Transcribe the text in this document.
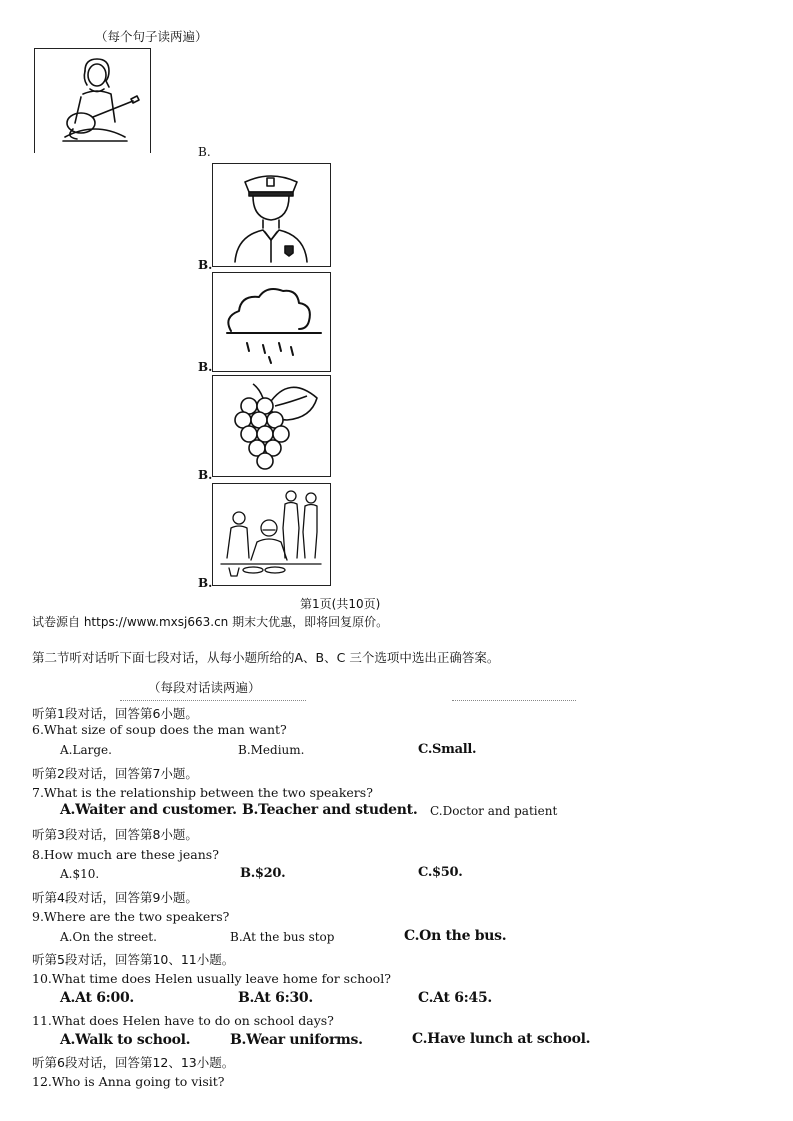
（每个句子读两遍）
B.
B.
B.
B.
B.
第1页(共10页)
试卷源自 https://www.mxsj663.cn 期末大优惠，即将回复原价。
第二节听对话听下面七段对话，从每小题所给的A、B、C 三个选项中选出正确答案。
（每段对话读两遍）
听第1段对话，回答第6小题。
6.What size of soup does the man want?
A.Large.	B.Medium.	C.Small.
听第2段对话，回答第7小题。
7.What is the relationship between the two speakers?
A.Waiter and customer. B.Teacher and student. C.Doctor and patient
听第3段对话，回答第8小题。
8.How much are these jeans?
A.$10.	B.$20.	C.$50.
听第4段对话，回答第9小题。
9.Where are the two speakers?
A.On the street.	B.At the bus stop	C.On the bus.
听第5段对话，回答第10、11小题。
10.What time does Helen usually leave home for school?
A.At 6:00.	B.At 6:30.	C.At 6:45.
11.What does Helen have to do on school days?
A.Walk to school.	B.Wear uniforms.	C.Have lunch at school.
听第6段对话，回答第12、13小题。
12.Who is Anna going to visit?
